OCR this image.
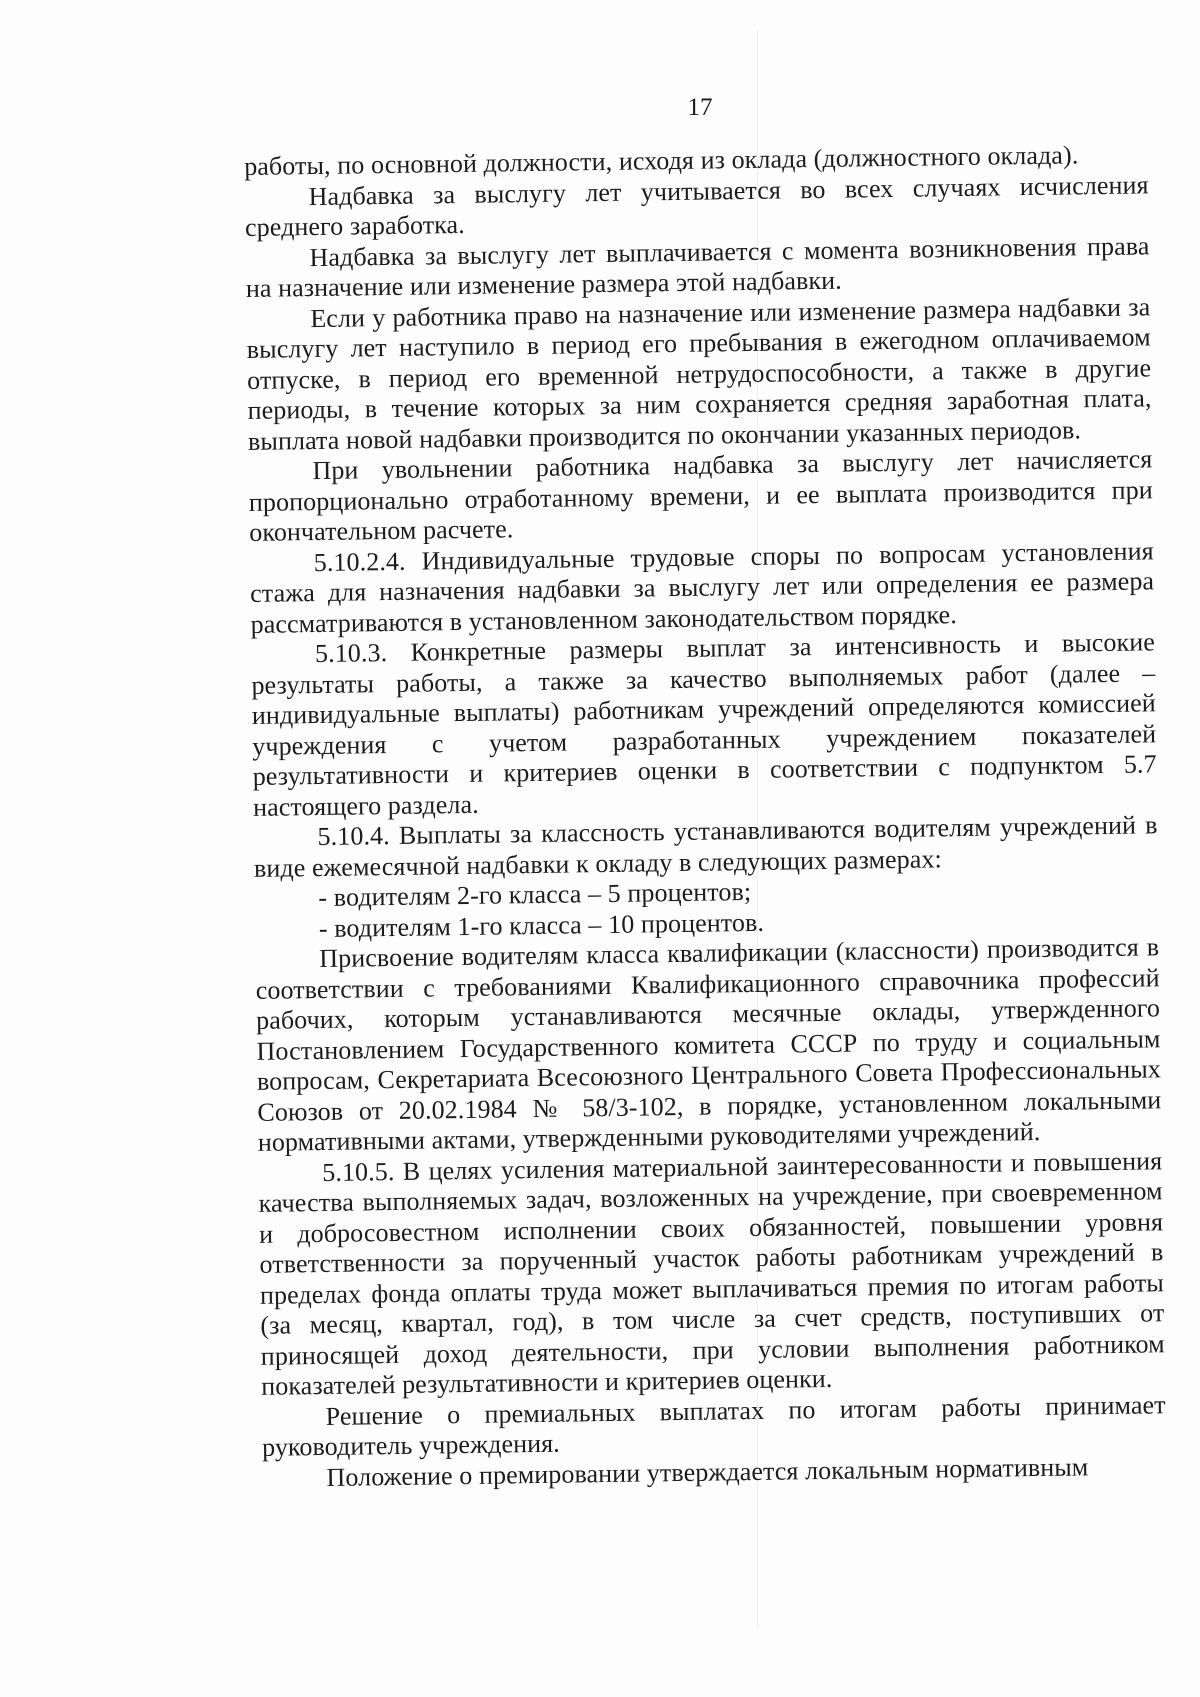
17

работы, по основной должности, исходя из оклада (должностного оклада).

Надбавка за выслугу лет учитывается во всех случаях исчисления среднего заработка.

Надбавка за выслугу лет выплачивается с момента возникновения права на назначение или изменение размера этой надбавки.

Если у работника право на назначение или изменение размера надбавки за выслугу лет наступило в период его пребывания в ежегодном оплачиваемом отпуске, в период его временной нетрудоспособности, а также в другие периоды, в течение которых за ним сохраняется средняя заработная плата, выплата новой надбавки производится по окончании указанных периодов.

При увольнении работника надбавка за выслугу лет начисляется пропорционально отработанному времени, и ее выплата производится при окончательном расчете.

5.10.2.4. Индивидуальные трудовые споры по вопросам установления стажа для назначения надбавки за выслугу лет или определения ее размера рассматриваются в установленном законодательством порядке.

5.10.3. Конкретные размеры выплат за интенсивность и высокие результаты работы, а также за качество выполняемых работ (далее – индивидуальные выплаты) работникам учреждений определяются комиссией учреждения с учетом разработанных учреждением показателей результативности и критериев оценки в соответствии с подпунктом 5.7 настоящего раздела.

5.10.4. Выплаты за классность устанавливаются водителям учреждений в виде ежемесячной надбавки к окладу в следующих размерах:

- водителям 2-го класса – 5 процентов;

- водителям 1-го класса – 10 процентов.

Присвоение водителям класса квалификации (классности) производится в соответствии с требованиями Квалификационного справочника профессий рабочих, которым устанавливаются месячные оклады, утвержденного Постановлением Государственного комитета СССР по труду и социальным вопросам, Секретариата Всесоюзного Центрального Совета Профессиональных Союзов от 20.02.1984 № 58/3-102, в порядке, установленном локальными нормативными актами, утвержденными руководителями учреждений.

5.10.5. В целях усиления материальной заинтересованности и повышения качества выполняемых задач, возложенных на учреждение, при своевременном и добросовестном исполнении своих обязанностей, повышении уровня ответственности за порученный участок работы работникам учреждений в пределах фонда оплаты труда может выплачиваться премия по итогам работы (за месяц, квартал, год), в том числе за счет средств, поступивших от приносящей доход деятельности, при условии выполнения работником показателей результативности и критериев оценки.

Решение о премиальных выплатах по итогам работы принимает руководитель учреждения.

Положение о премировании утверждается локальным нормативным
